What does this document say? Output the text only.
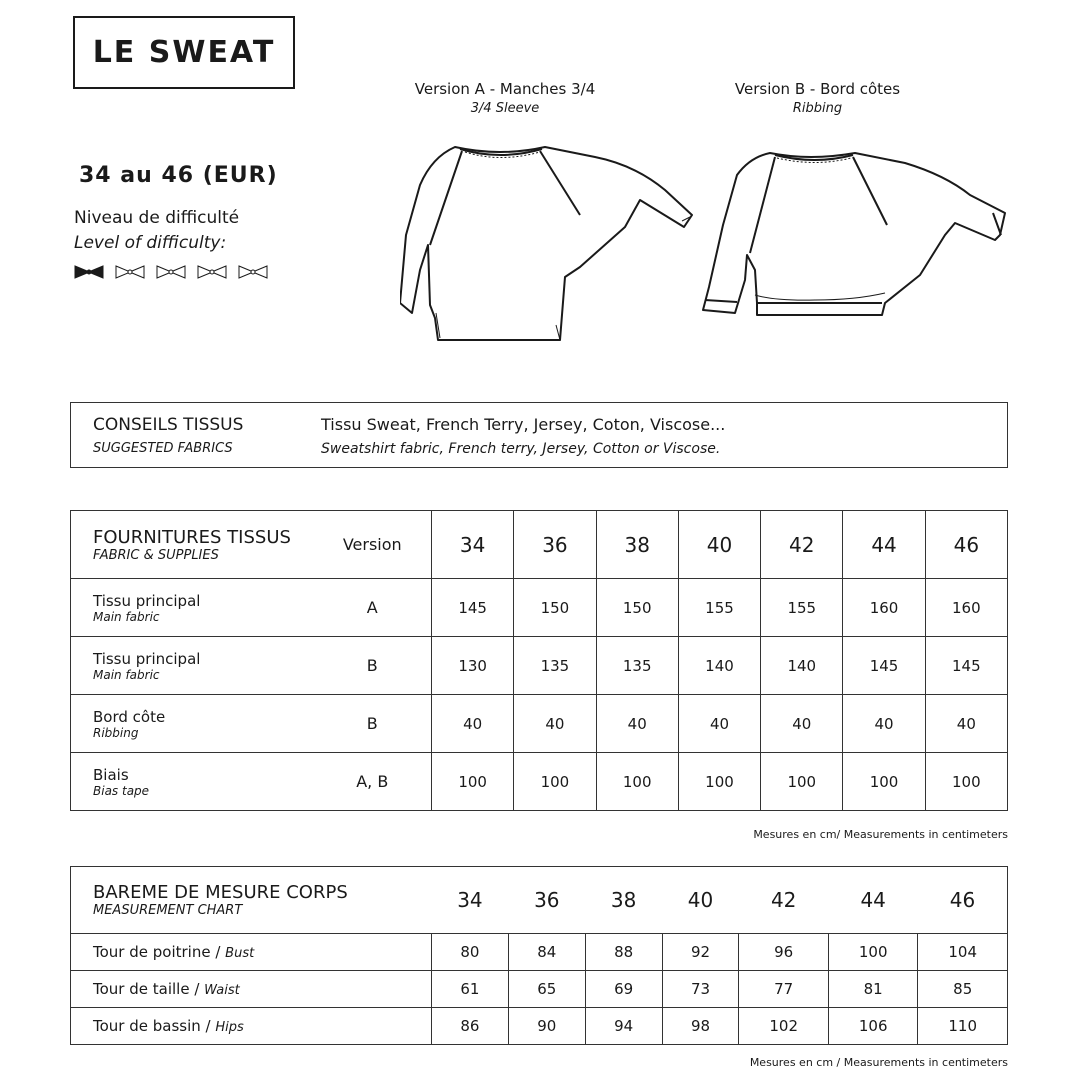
LE SWEAT
34 au 46 (EUR)
Niveau de difficulté
Level of difficulty:
Version A - Manches 3/4
3/4 Sleeve
Version B - Bord côtes
Ribbing
CONSEILS TISSUS
SUGGESTED FABRICS
Tissu Sweat, French Terry, Jersey, Coton, Viscose...
Sweatshirt fabric, French terry, Jersey, Cotton or Viscose.
FOURNITURES TISSUS
FABRIC & SUPPLIES	Version	34	36	38	40	42	44	46

Tissu principal
Main fabric	A	145	150	150	155	155	160	160

Tissu principal
Main fabric	B	130	135	135	140	140	145	145

Bord côte
Ribbing	B	40	40	40	40	40	40	40

Biais
Bias tape	A, B	100	100	100	100	100	100	100
Mesures en cm/ Measurements in centimeters
BAREME DE MESURE CORPS
MEASUREMENT CHART	34	36	38	40	42	44	46
Tour de poitrine / Bust	80	84	88	92	96	100	104
Tour de taille / Waist	61	65	69	73	77	81	85
Tour de bassin / Hips	86	90	94	98	102	106	110
Mesures en cm / Measurements in centimeters
